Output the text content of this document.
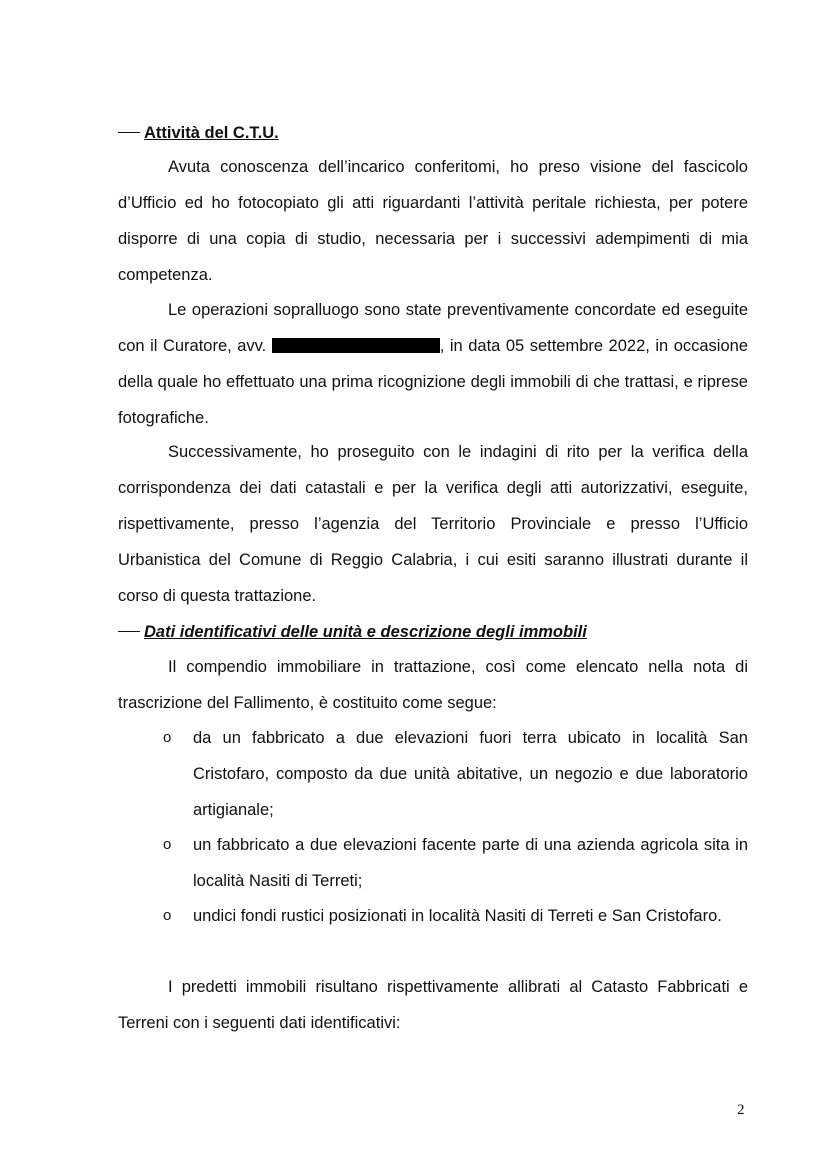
Attività del C.T.U.

Avuta conoscenza dell’incarico conferitomi, ho preso visione del fascicolo d’Ufficio ed ho fotocopiato gli atti riguardanti l’attività peritale richiesta, per potere disporre di una copia di studio, necessaria per i successivi adempimenti di mia competenza.

Le operazioni sopralluogo sono state preventivamente concordate ed eseguite con il Curatore, avv.	, in data 05 settembre 2022, in occasione della quale ho effettuato una prima ricognizione degli immobili di che trattasi, e riprese fotografiche.

Successivamente, ho proseguito con le indagini di rito per la verifica della corrispondenza dei dati catastali e per la verifica degli atti autorizzativi, eseguite, rispettivamente, presso l’agenzia del Territorio Provinciale e presso l’Ufficio Urbanistica del Comune di Reggio Calabria, i cui esiti saranno illustrati durante il corso di questa trattazione.

Dati identificativi delle unità e descrizione degli immobili

Il compendio immobiliare in trattazione, così come elencato nella nota di trascrizione del Fallimento, è costituito come segue:

o da un fabbricato a due elevazioni fuori terra ubicato in località San Cristofaro, composto da due unità abitative, un negozio e due laboratorio artigianale;

o un fabbricato a due elevazioni facente parte di una azienda agricola sita in località Nasiti di Terreti;

o undici fondi rustici posizionati in località Nasiti di Terreti e San Cristofaro.

I predetti immobili risultano rispettivamente allibrati al Catasto Fabbricati e Terreni con i seguenti dati identificativi:

2
